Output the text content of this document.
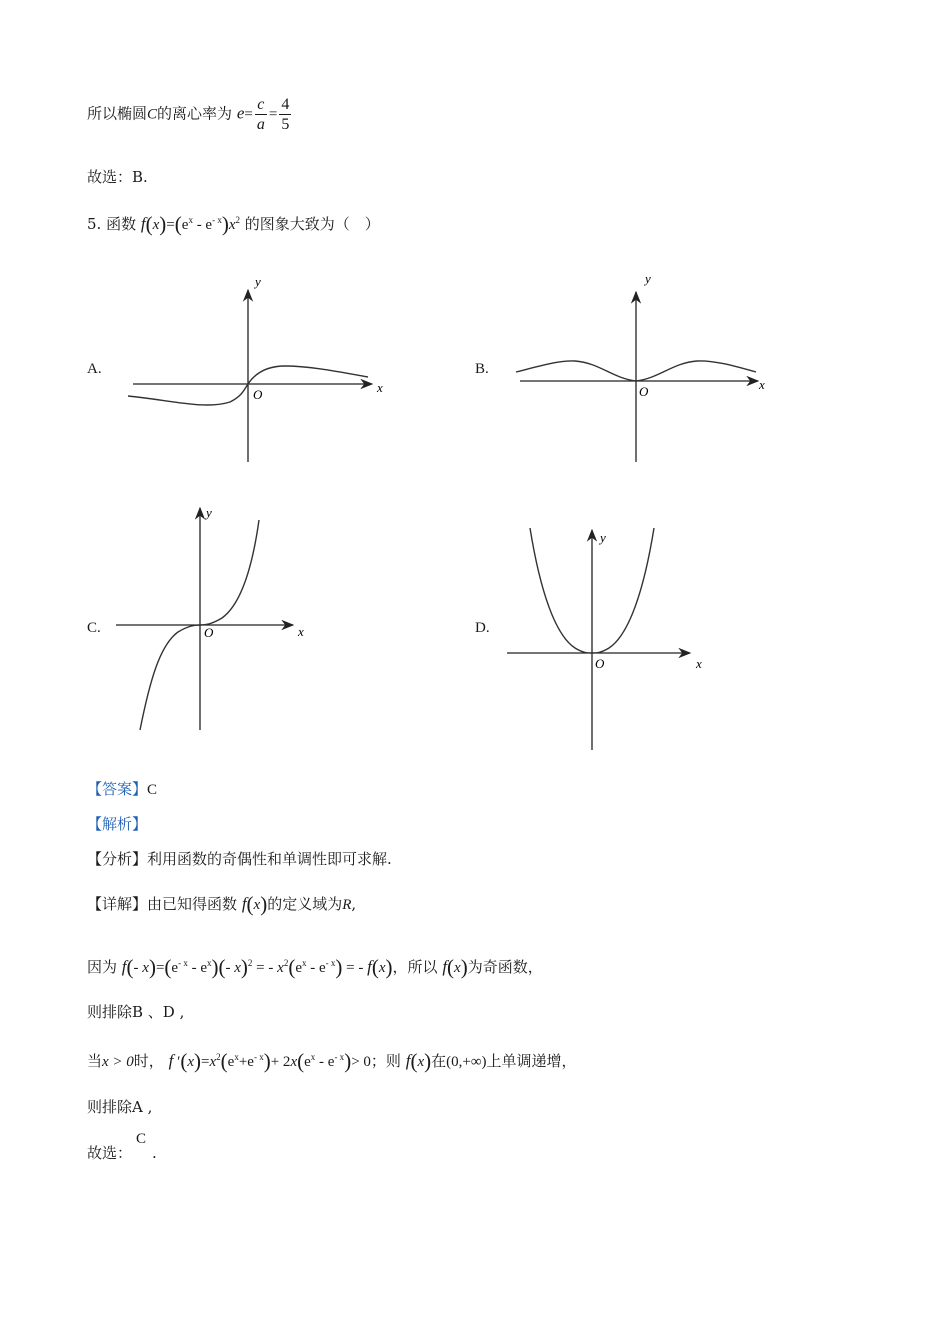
所以椭圆C的离心率为 $e= \frac{c}{a} = \frac{4}{5}$
故选：B.
5. 函数 $f(x)=(e^x - e^{- x})x^2$ 的图象大致为（　）
A.	B.
C.	D.
x
y
O
x
y
O
x
y
O
x
y
O
【答案】C
【解析】
【分析】利用函数的奇偶性和单调性即可求解.
【详解】由已知得函数 f(x)的定义域为R,
因为 f(- $x)=(e^{- x} - e^x)(-$ x)$^2$ = - $x^2(e^x - e^{- x})$ = - f(x)，所以 f(x)为奇函数，
则排除B 、D ,
当x > 0时， f $'(x)=x^2(e^x+e^{- x})+ 2x(e^x - e^{- x})> 0$；则 f(x)在(0,+∞)上单调递增，
则排除A ,
故选：C.
